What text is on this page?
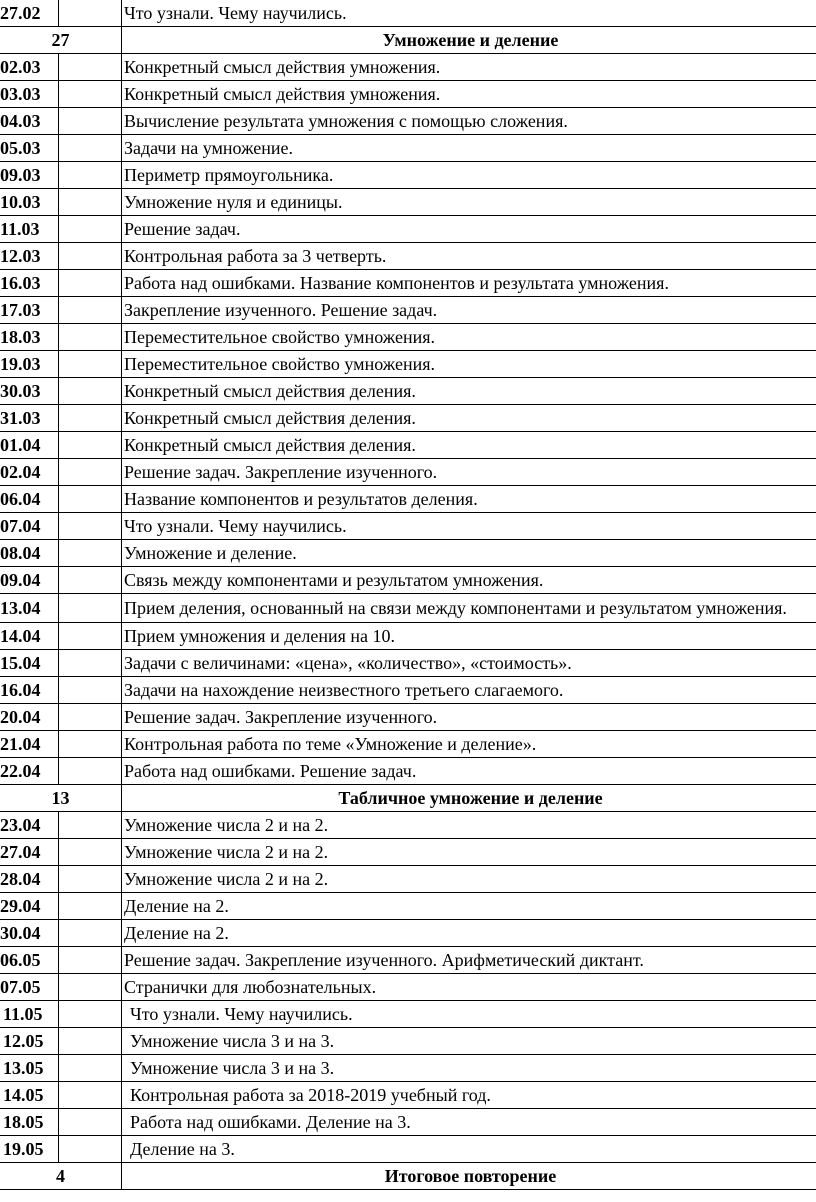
27.02		Что узнали. Чему научились.
27		Умножение и деление
02.03		Конкретный смысл действия умножения.
03.03		Конкретный смысл действия умножения.
04.03		Вычисление результата умножения с помощью сложения.
05.03		Задачи на умножение.
09.03		Периметр прямоугольника.
10.03		Умножение нуля и единицы.
11.03		Решение задач.
12.03		Контрольная работа за 3 четверть.
16.03		Работа над ошибками. Название компонентов и результата умножения.
17.03		Закрепление изученного. Решение задач.
18.03		Переместительное свойство умножения.
19.03		Переместительное свойство умножения.
30.03		Конкретный смысл действия деления.
31.03		Конкретный смысл действия деления.
01.04		Конкретный смысл действия деления.
02.04		Решение задач. Закрепление изученного.
06.04		Название компонентов и результатов деления.
07.04		Что узнали. Чему научились.
08.04		Умножение и деление.
09.04		Связь между компонентами и результатом умножения.
13.04		Прием деления, основанный на связи между компонентами и результатом умножения.
14.04		Прием умножения и деления на 10.
15.04		Задачи с величинами: «цена», «количество», «стоимость».
16.04		Задачи на нахождение неизвестного третьего слагаемого.
20.04		Решение задач. Закрепление изученного.
21.04		Контрольная работа по теме «Умножение и деление».
22.04		Работа над ошибками. Решение задач.
13		Табличное умножение и деление
23.04		Умножение числа 2 и на 2.
27.04		Умножение числа 2 и на 2.
28.04		Умножение числа 2 и на 2.
29.04		Деление на 2.
30.04		Деление на 2.
06.05		Решение задач. Закрепление изученного. Арифметический диктант.
07.05		Странички для любознательных.
11.05		Что узнали. Чему научились.
12.05		Умножение числа 3 и на 3.
13.05		Умножение числа 3 и на 3.
14.05		Контрольная работа за 2018-2019 учебный год.
18.05		Работа над ошибками. Деление на 3.
19.05		Деление на 3.
4		Итоговое повторение
